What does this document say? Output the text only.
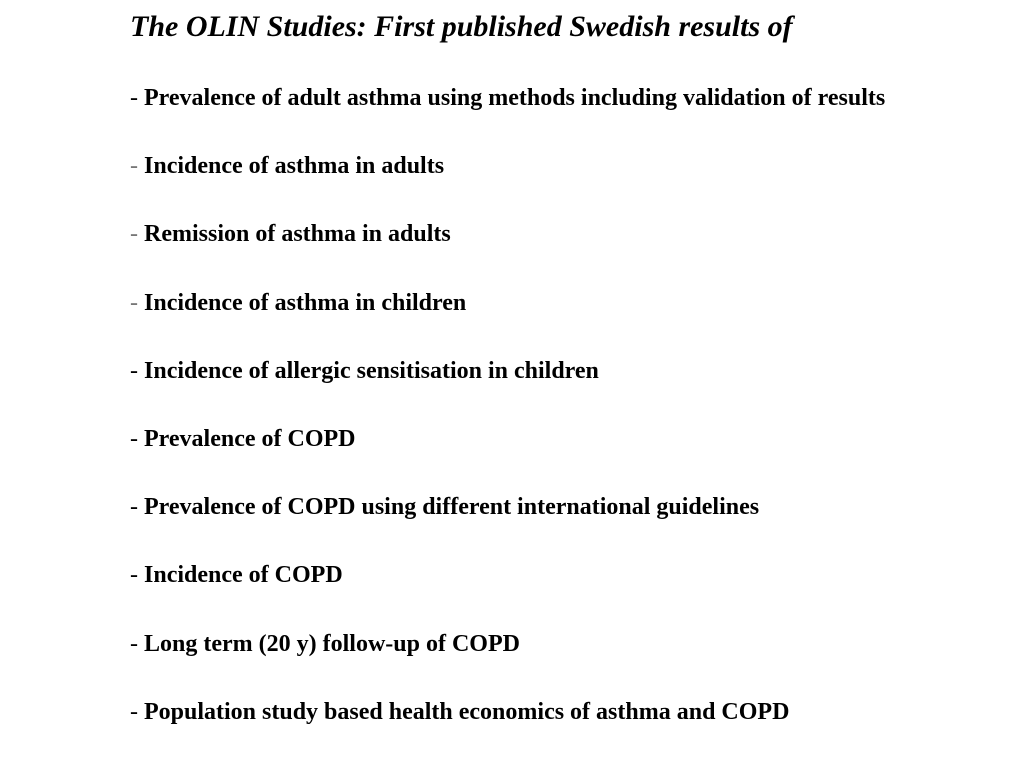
The OLIN Studies: First published Swedish results of
- Prevalence of adult asthma using methods including validation of results
- Incidence of asthma in adults
- Remission of asthma in adults
- Incidence of asthma in children
- Incidence of allergic sensitisation in children
- Prevalence of COPD
- Prevalence of COPD using different international guidelines
- Incidence of COPD
- Long term (20 y) follow-up of COPD
- Population study based health economics of asthma and COPD
